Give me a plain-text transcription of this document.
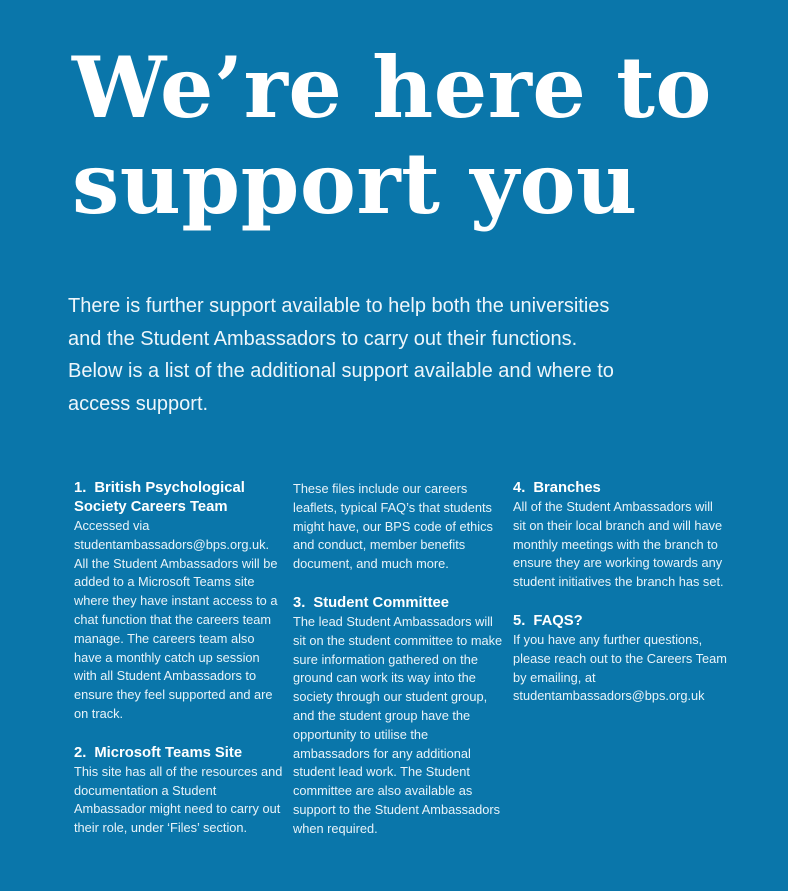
We’re here to
support you

There is further support available to help both the universities and the Student Ambassadors to carry out their functions. Below is a list of the additional support available and where to access support.

1. British Psychological Society Careers Team

Accessed via studentambassadors@bps.org.uk. All the Student Ambassadors will be added to a Microsoft Teams site where they have instant access to a chat function that the careers team manage. The careers team also have a monthly catch up session with all Student Ambassadors to ensure they feel supported and are on track.

2. Microsoft Teams Site

This site has all of the resources and documentation a Student Ambassador might need to carry out their role, under ‘Files’ section.

These files include our careers leaflets, typical FAQ’s that students might have, our BPS code of ethics and conduct, member benefits document, and much more.

3. Student Committee

The lead Student Ambassadors will sit on the student committee to make sure information gathered on the ground can work its way into the society through our student group, and the student group have the opportunity to utilise the ambassadors for any additional student lead work. The Student committee are also available as support to the Student Ambassadors when required.

4. Branches

All of the Student Ambassadors will sit on their local branch and will have monthly meetings with the branch to ensure they are working towards any student initiatives the branch has set.

5. FAQS?

If you have any further questions, please reach out to the Careers Team by emailing, at studentambassadors@bps.org.uk
